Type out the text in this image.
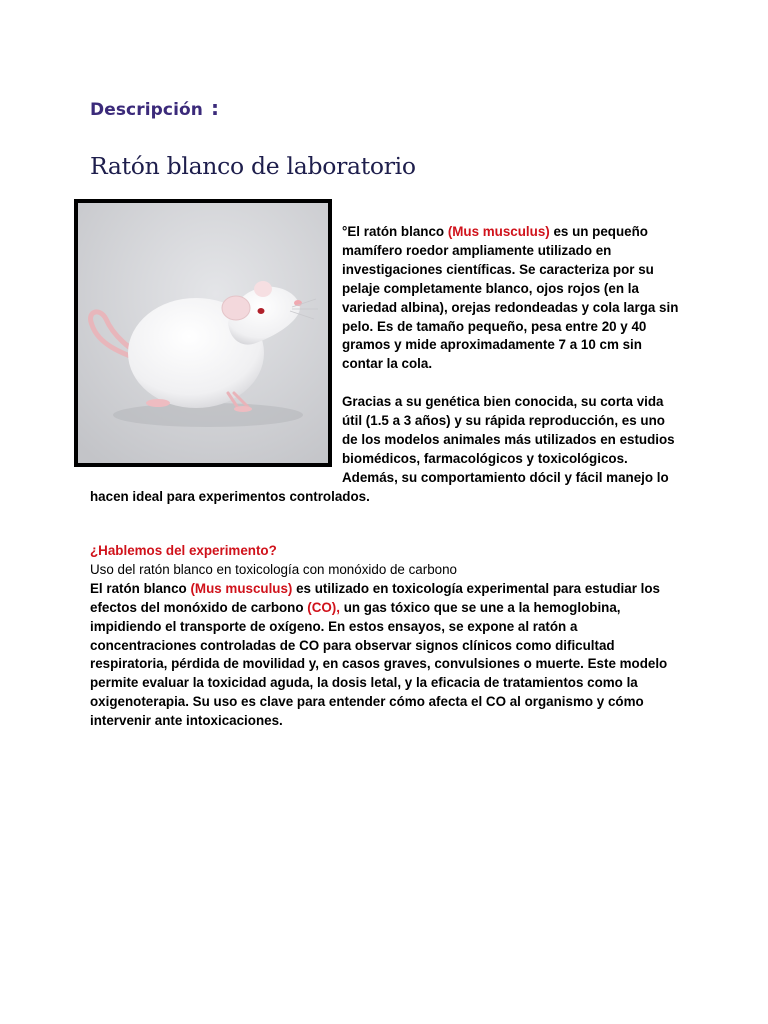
Descripción :
Ratón blanco de laboratorio

°El ratón blanco (Mus musculus) es un pequeño mamífero roedor ampliamente utilizado en investigaciones científicas. Se caracteriza por su pelaje completamente blanco, ojos rojos (en la variedad albina), orejas redondeadas y cola larga sin pelo. Es de tamaño pequeño, pesa entre 20 y 40 gramos y mide aproximadamente 7 a 10 cm sin contar la cola.

Gracias a su genética bien conocida, su corta vida útil (1.5 a 3 años) y su rápida reproducción, es uno de los modelos animales más utilizados en estudios biomédicos, farmacológicos y toxicológicos. Además, su comportamiento dócil y fácil manejo lo hacen ideal para experimentos controlados.

¿Hablemos del experimento?

Uso del ratón blanco en toxicología con monóxido de carbono

El ratón blanco (Mus musculus) es utilizado en toxicología experimental para estudiar los efectos del monóxido de carbono (CO), un gas tóxico que se une a la hemoglobina, impidiendo el transporte de oxígeno. En estos ensayos, se expone al ratón a concentraciones controladas de CO para observar signos clínicos como dificultad respiratoria, pérdida de movilidad y, en casos graves, convulsiones o muerte. Este modelo permite evaluar la toxicidad aguda, la dosis letal, y la eficacia de tratamientos como la oxigenoterapia. Su uso es clave para entender cómo afecta el CO al organismo y cómo intervenir ante intoxicaciones.
